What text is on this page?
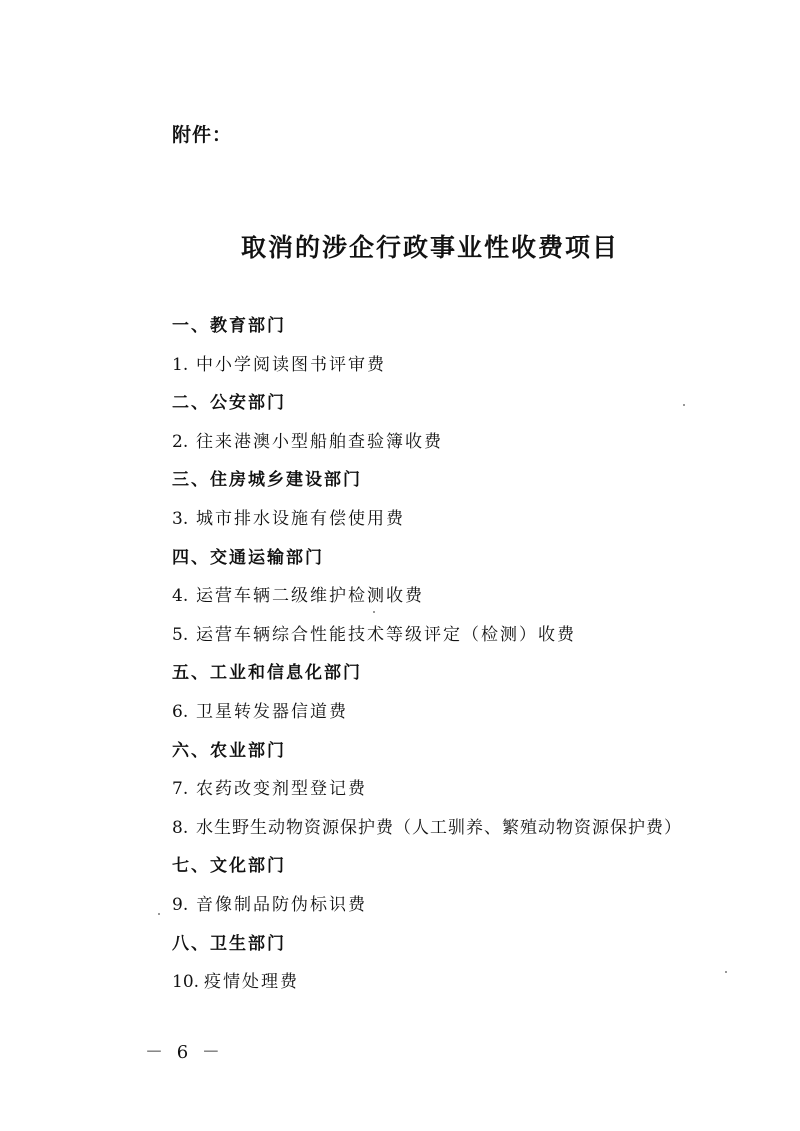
附件：
取消的涉企行政事业性收费项目
一、教育部门
1. 中小学阅读图书评审费
二、公安部门
2. 往来港澳小型船舶查验簿收费
三、住房城乡建设部门
3. 城市排水设施有偿使用费
四、交通运输部门
4. 运营车辆二级维护检测收费
5. 运营车辆综合性能技术等级评定（检测）收费
五、工业和信息化部门
6. 卫星转发器信道费
六、农业部门
7. 农药改变剂型登记费
8. 水生野生动物资源保护费（人工驯养、繁殖动物资源保护费）
七、文化部门
9. 音像制品防伪标识费
八、卫生部门
10. 疫情处理费
－ 6 －
